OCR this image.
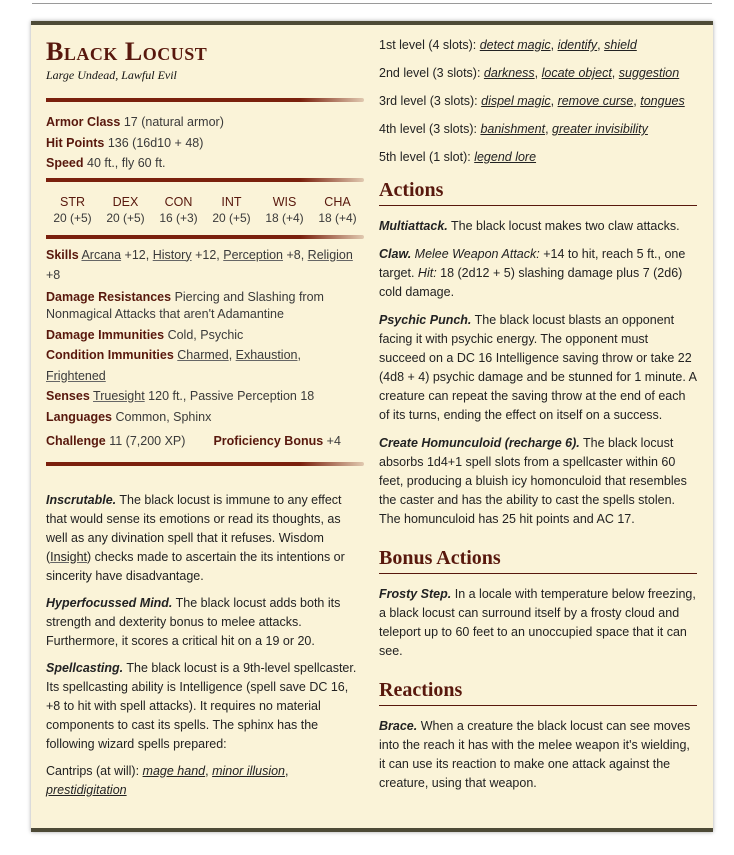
Black Locust

Large Undead, Lawful Evil

Armor Class 17 (natural armor)
Hit Points 136 (16d10 + 48)
Speed 40 ft., fly 60 ft.
STR
20 (+5)
DEX
20 (+5)
CON
16 (+3)
INT
20 (+5)
WIS
18 (+4)
CHA
18 (+4)
Skills Arcana +12, History +12, Perception +8, Religion
+8
Damage Resistances Piercing and Slashing from
Nonmagical Attacks that aren't Adamantine
Damage Immunities Cold, Psychic
Condition Immunities Charmed, Exhaustion, Frightened
Senses Truesight 120 ft., Passive Perception 18
Languages Common, Sphinx
Challenge 11 (7,200 XP) Proficiency Bonus +4

Inscrutable. The black locust is immune to any effect that would sense its emotions or read its thoughts, as well as any divination spell that it refuses. Wisdom (Insight) checks made to ascertain the its intentions or sincerity have disadvantage.

Hyperfocussed Mind. The black locust adds both its strength and dexterity bonus to melee attacks. Furthermore, it scores a critical hit on a 19 or 20.

Spellcasting. The black locust is a 9th-level spellcaster. Its spellcasting ability is Intelligence (spell save DC 16, +8 to hit with spell attacks). It requires no material components to cast its spells. The sphinx has the following wizard spells prepared:

Cantrips (at will): mage hand, minor illusion,
prestidigitation

1st level (4 slots): detect magic, identify, shield
2nd level (3 slots): darkness, locate object, suggestion
3rd level (3 slots): dispel magic, remove curse, tongues
4th level (3 slots): banishment, greater invisibility
5th level (1 slot): legend lore
Actions

Multiattack. The black locust makes two claw attacks.

Claw. Melee Weapon Attack: +14 to hit, reach 5 ft., one target. Hit: 18 (2d12 + 5) slashing damage plus 7 (2d6) cold damage.

Psychic Punch. The black locust blasts an opponent facing it with psychic energy. The opponent must succeed on a DC 16 Intelligence saving throw or take 22 (4d8 + 4) psychic damage and be stunned for 1 minute. A creature can repeat the saving throw at the end of each of its turns, ending the effect on itself on a success.

Create Homunculoid (recharge 6). The black locust absorbs 1d4+1 spell slots from a spellcaster within 60 feet, producing a bluish icy homonculoid that resembles the caster and has the ability to cast the spells stolen. The homunculoid has 25 hit points and AC 17.

Bonus Actions

Frosty Step. In a locale with temperature below freezing, a black locust can surround itself by a frosty cloud and teleport up to 60 feet to an unoccupied space that it can see.

Reactions

Brace. When a creature the black locust can see moves into the reach it has with the melee weapon it's wielding, it can use its reaction to make one attack against the creature, using that weapon.
